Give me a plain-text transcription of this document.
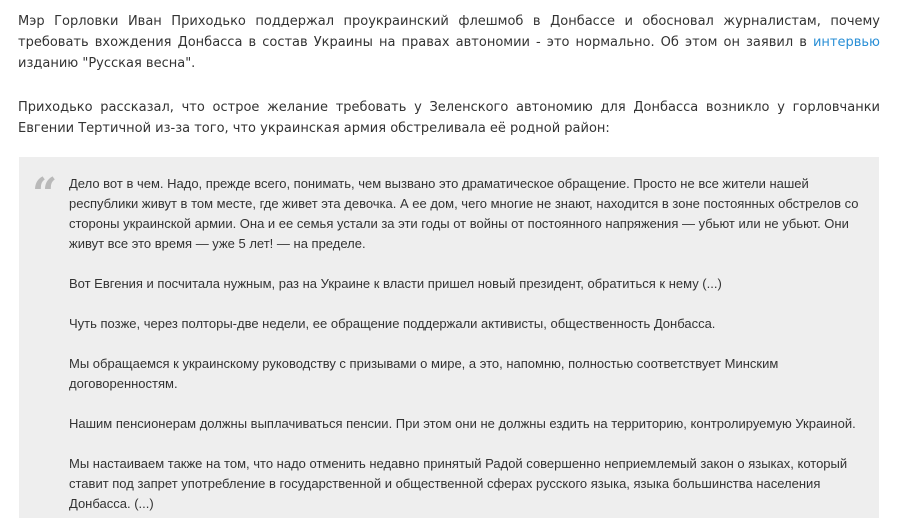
Мэр Горловки Иван Приходько поддержал проукраинский флешмоб в Донбассе и обосновал журналистам, почему требовать вхождения Донбасса в состав Украины на правах автономии - это нормально. Об этом он заявил в интервью изданию "Русская весна".

Приходько рассказал, что острое желание требовать у Зеленского автономию для Донбасса возникло у горловчанки Евгении Тертичной из-за того, что украинская армия обстреливала её родной район:

“ Дело вот в чем. Надо, прежде всего, понимать, чем вызвано это драматическое обращение. Просто не все жители нашей республики живут в том месте, где живет эта девочка. А ее дом, чего многие не знают, находится в зоне постоянных обстрелов со стороны украинской армии. Она и ее семья устали за эти годы от войны от постоянного напряжения — убьют или не убьют. Они живут все это время — уже 5 лет! — на пределе.

Вот Евгения и посчитала нужным, раз на Украине к власти пришел новый президент, обратиться к нему (...)

Чуть позже, через полторы-две недели, ее обращение поддержали активисты, общественность Донбасса.

Мы обращаемся к украинскому руководству с призывами о мире, а это, напомню, полностью соответствует Минским договоренностям.

Нашим пенсионерам должны выплачиваться пенсии. При этом они не должны ездить на территорию, контролируемую Украиной.

Мы настаиваем также на том, что надо отменить недавно принятый Радой совершенно неприемлемый закон о языках, который ставит под запрет употребление в государственной и общественной сферах русского языка, языка большинства населения Донбасса. (...)
